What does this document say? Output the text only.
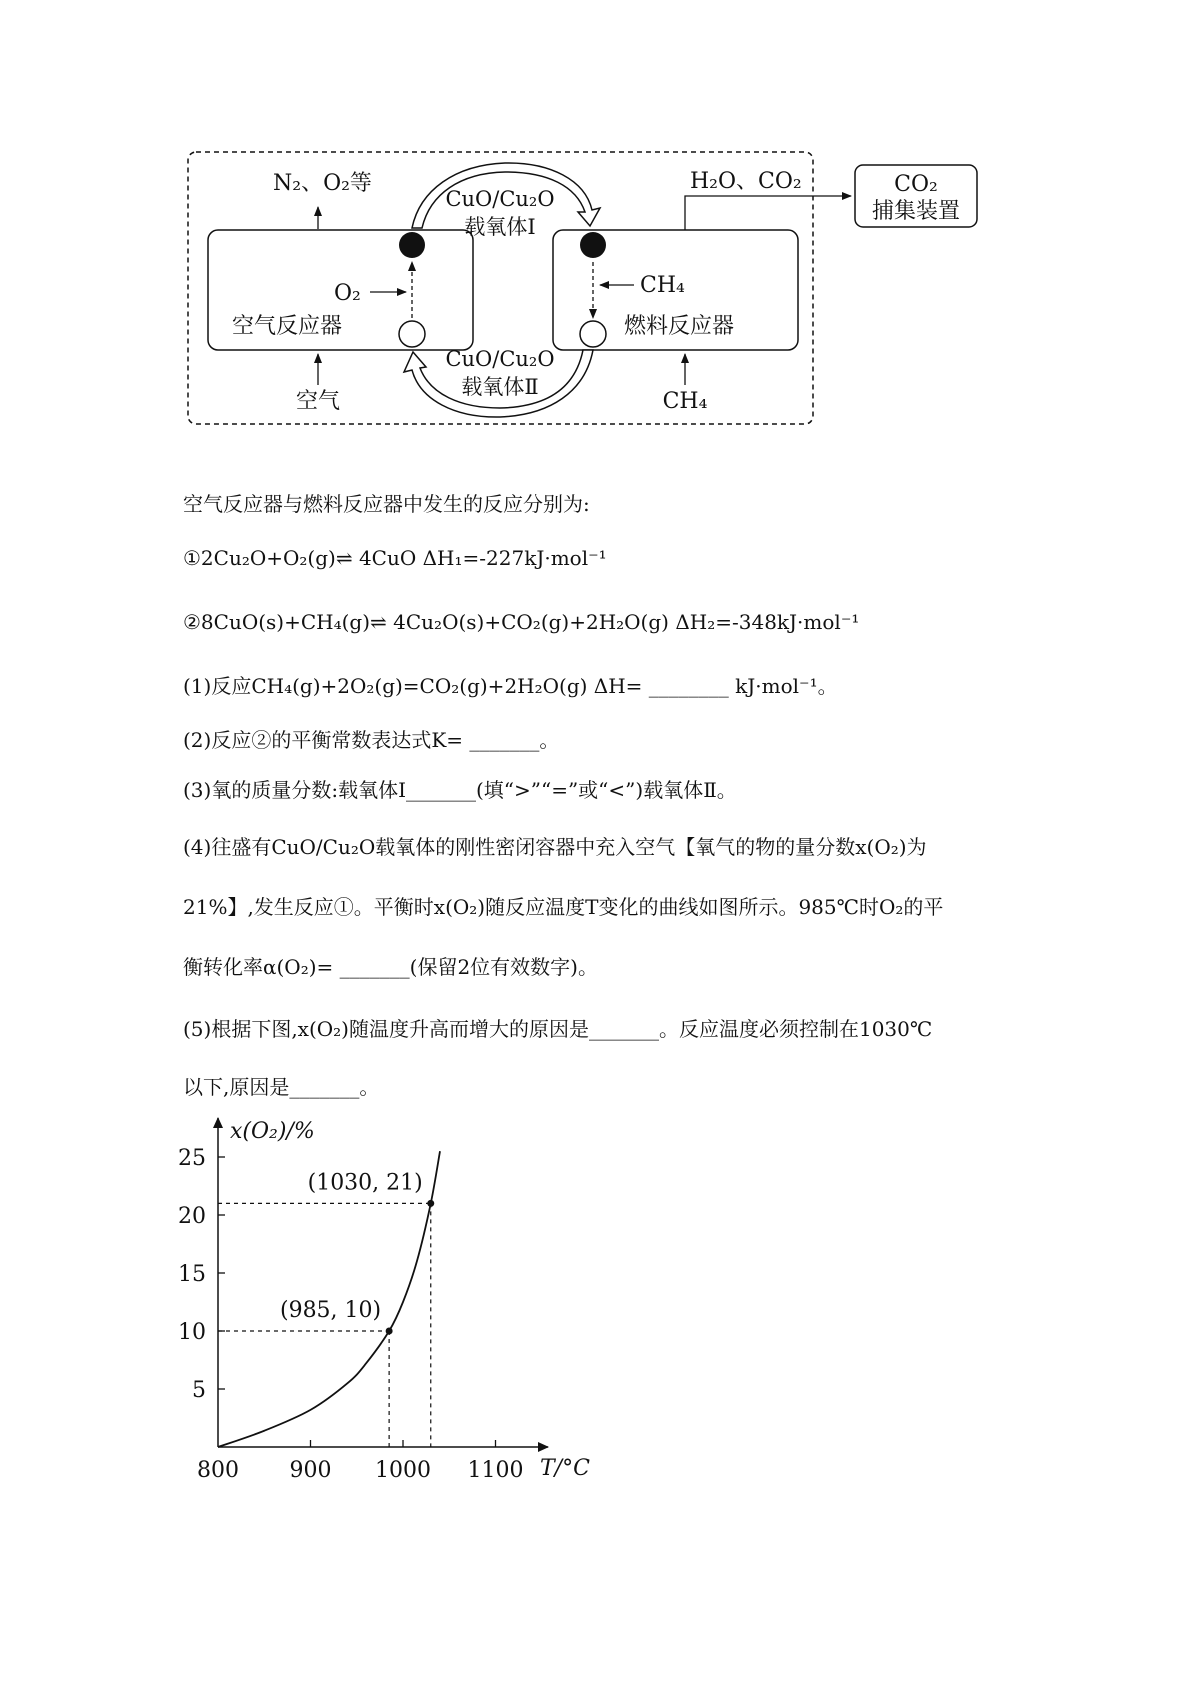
N₂、O₂等	H₂O、CO₂	CO₂
捕集装置
CuO/Cu₂O
载氧体Ⅰ
CuO/Cu₂O
载氧体Ⅱ
O₂	CH₄
空气反应器	燃料反应器
空气	CH₄
空气反应器与燃料反应器中发生的反应分别为:
①2Cu₂O+O₂(g)⇌ 4CuO ΔH₁=-227kJ·mol⁻¹
②8CuO(s)+CH₄(g)⇌ 4Cu₂O(s)+CO₂(g)+2H₂O(g) ΔH₂=-348kJ·mol⁻¹
(1)反应CH₄(g)+2O₂(g)=CO₂(g)+2H₂O(g) ΔH= ________ kJ·mol⁻¹。
(2)反应②的平衡常数表达式K= _______。
(3)氧的质量分数:载氧体Ⅰ_______(填“>”“=”或“<”)载氧体Ⅱ。
(4)往盛有CuO/Cu₂O载氧体的刚性密闭容器中充入空气【氧气的物的量分数x(O₂)为
21%】,发生反应①。平衡时x(O₂)随反应温度T变化的曲线如图所示。985℃时O₂的平
衡转化率α(O₂)= _______(保留2位有效数字)。
(5)根据下图,x(O₂)随温度升高而增大的原因是_______。反应温度必须控制在1030℃
以下,原因是_______。
x(O₂)/%
T/°C
5
10
15
20
25
800 900 1000 1100
(985, 10)
(1030, 21)
